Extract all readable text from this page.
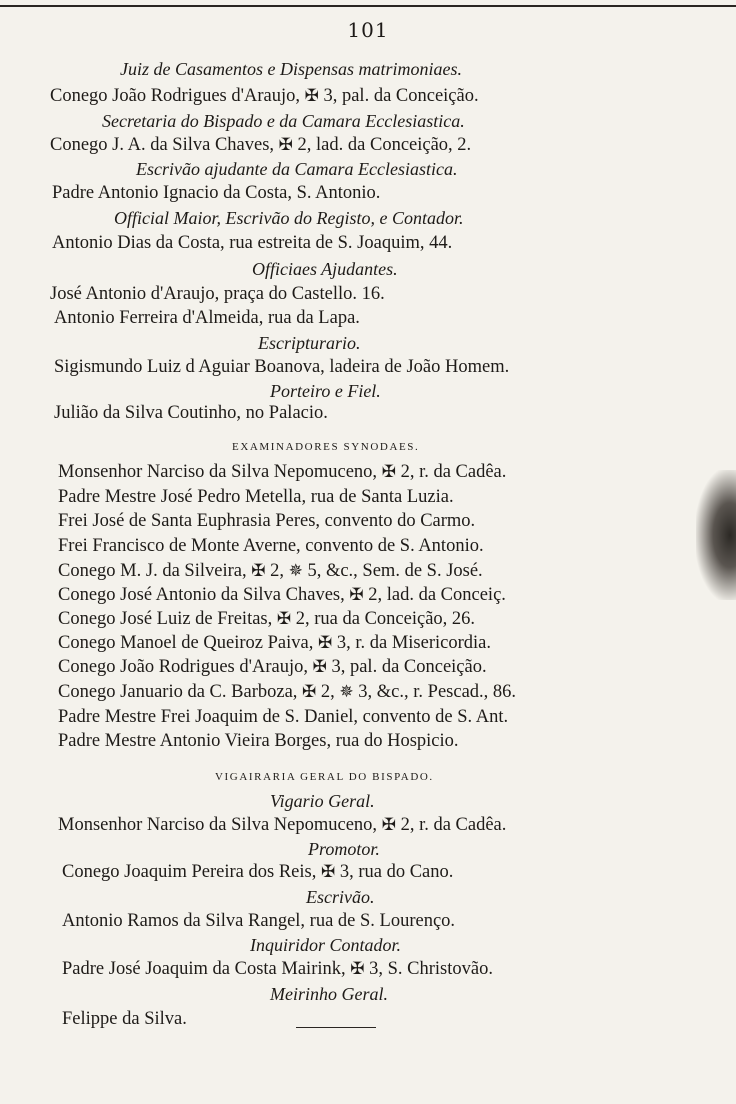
101
Juiz de Casamentos e Dispensas matrimoniaes.
Conego João Rodrigues d'Araujo, ✠ 3, pal. da Conceição.
Secretaria do Bispado e da Camara Ecclesiastica.
Conego J. A. da Silva Chaves, ✠ 2, lad. da Conceição, 2.
Escrivão ajudante da Camara Ecclesiastica.
Padre Antonio Ignacio da Costa, S. Antonio.
Official Maior, Escrivão do Registo, e Contador.
Antonio Dias da Costa, rua estreita de S. Joaquim, 44.
Officiaes Ajudantes.
José Antonio d'Araujo, praça do Castello. 16.
Antonio Ferreira d'Almeida, rua da Lapa.
Escripturario.
Sigismundo Luiz d Aguiar Boanova, ladeira de João Homem.
Porteiro e Fiel.
Julião da Silva Coutinho, no Palacio.
EXAMINADORES SYNODAES.
Monsenhor Narciso da Silva Nepomuceno, ✠ 2, r. da Cadêa.
Padre Mestre José Pedro Metella, rua de Santa Luzia.
Frei José de Santa Euphrasia Peres, convento do Carmo.
Frei Francisco de Monte Averne, convento de S. Antonio.
Conego M. J. da Silveira, ✠ 2, ✵ 5, &c., Sem. de S. José.
Conego José Antonio da Silva Chaves, ✠ 2, lad. da Conceiç.
Conego José Luiz de Freitas, ✠ 2, rua da Conceição, 26.
Conego Manoel de Queiroz Paiva, ✠ 3, r. da Misericordia.
Conego João Rodrigues d'Araujo, ✠ 3, pal. da Conceição.
Conego Januario da C. Barboza, ✠ 2, ✵ 3, &c., r. Pescad., 86.
Padre Mestre Frei Joaquim de S. Daniel, convento de S. Ant.
Padre Mestre Antonio Vieira Borges, rua do Hospicio.
VIGAIRARIA GERAL DO BISPADO.
Vigario Geral.
Monsenhor Narciso da Silva Nepomuceno, ✠ 2, r. da Cadêa.
Promotor.
Conego Joaquim Pereira dos Reis, ✠ 3, rua do Cano.
Escrivão.
Antonio Ramos da Silva Rangel, rua de S. Lourenço.
Inquiridor Contador.
Padre José Joaquim da Costa Mairink, ✠ 3, S. Christovão.
Meirinho Geral.
Felippe da Silva.
